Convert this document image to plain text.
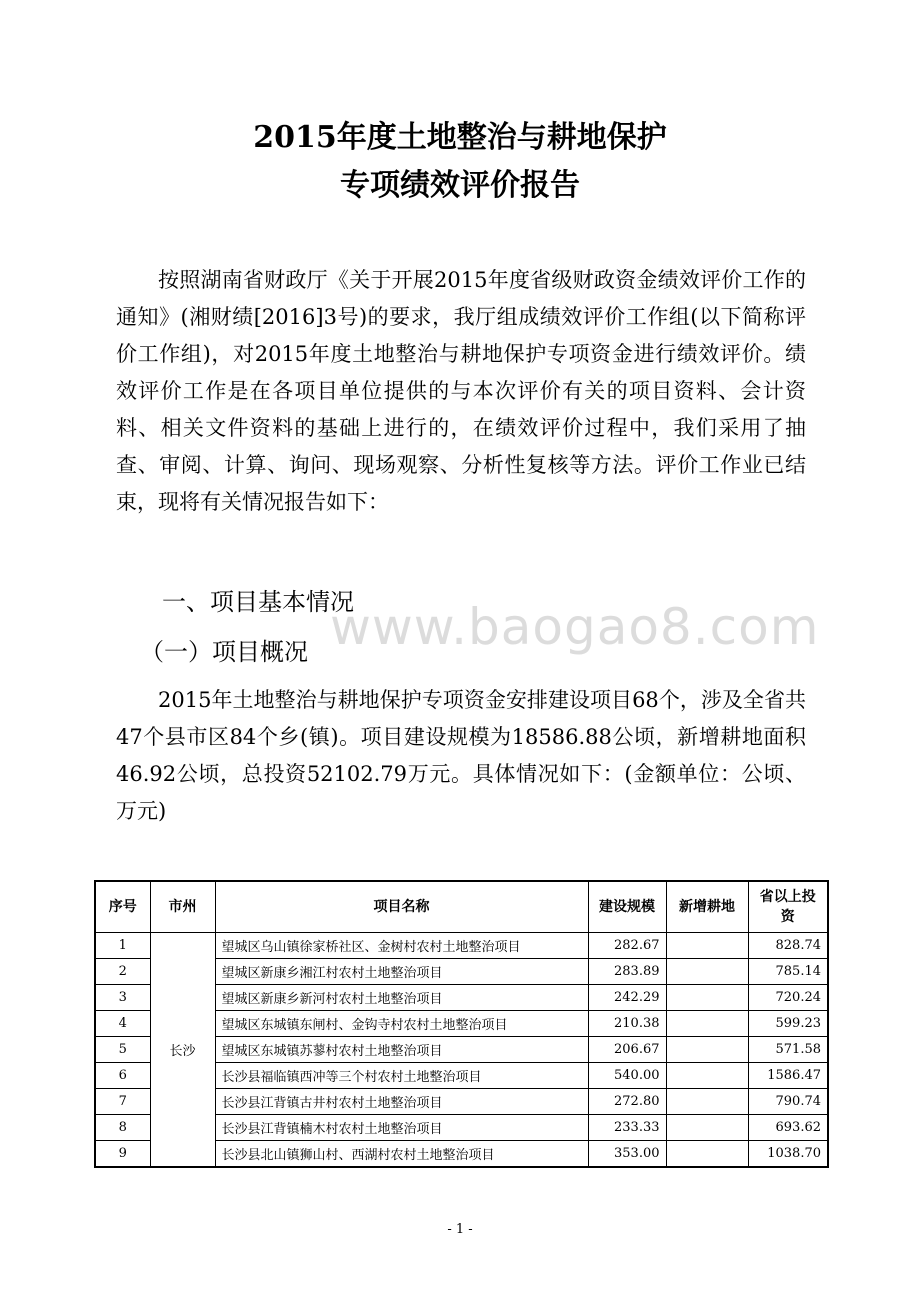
2015年度土地整治与耕地保护
专项绩效评价报告

按照湖南省财政厅《关于开展2015年度省级财政资金绩效评价工作的通知》(湘财绩[2016]3号)的要求，我厅组成绩效评价工作组(以下简称评价工作组)，对2015年度土地整治与耕地保护专项资金进行绩效评价。绩效评价工作是在各项目单位提供的与本次评价有关的项目资料、会计资料、相关文件资料的基础上进行的，在绩效评价过程中，我们采用了抽查、审阅、计算、询问、现场观察、分析性复核等方法。评价工作业已结束，现将有关情况报告如下：

一、项目基本情况

（一）项目概况 www.baogao8.com

2015年土地整治与耕地保护专项资金安排建设项目68个，涉及全省共47个县市区84个乡(镇)。项目建设规模为18586.88公顷，新增耕地面积46.92公顷，总投资52102.79万元。具体情况如下：(金额单位：公顷、万元)

序号	市州	项目名称	建设规模	新增耕地	省以上投资
1	长沙	望城区乌山镇徐家桥社区、金树村农村土地整治项目	282.67		828.74
2		望城区新康乡湘江村农村土地整治项目	283.89		785.14
3		望城区新康乡新河村农村土地整治项目	242.29		720.24
4		望城区东城镇东闸村、金钩寺村农村土地整治项目	210.38		599.23
5		望城区东城镇苏蓼村农村土地整治项目	206.67		571.58
6		长沙县福临镇西冲等三个村农村土地整治项目	540.00		1586.47
7		长沙县江背镇古井村农村土地整治项目	272.80		790.74
8		长沙县江背镇楠木村农村土地整治项目	233.33		693.62
9		长沙县北山镇狮山村、西湖村农村土地整治项目	353.00		1038.70
- 1 -
